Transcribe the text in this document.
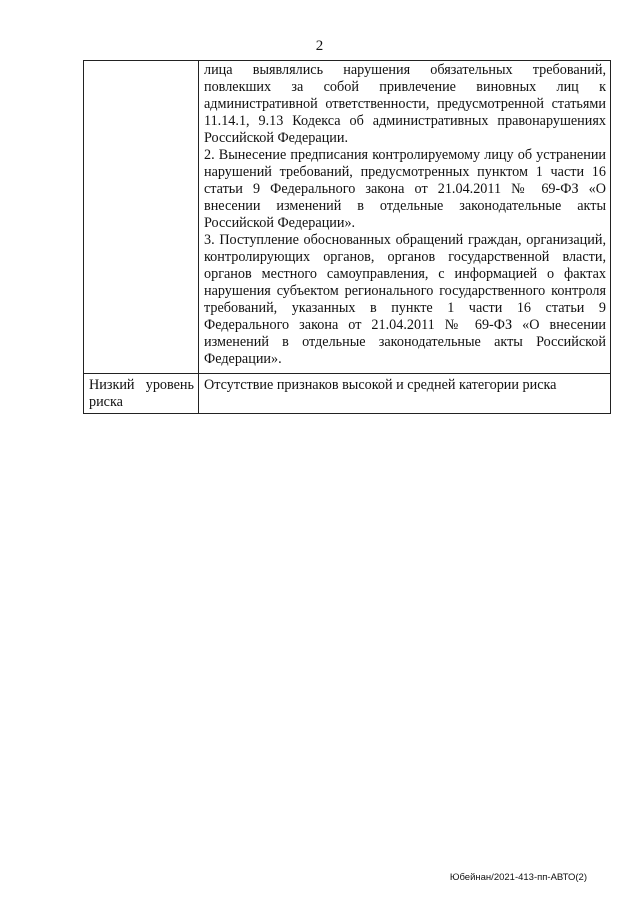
2

	лица выявлялись нарушения обязательных требований, повлекших за собой привлечение виновных лиц к административной ответственности, предусмотренной статьями 11.14.1, 9.13 Кодекса об административных правонарушениях Российской Федерации.

2. Вынесение предписания контролируемому лицу об устранении нарушений требований, предусмотренных пунктом 1 части 16 статьи 9 Федерального закона от 21.04.2011 № 69-ФЗ «О внесении изменений в отдельные законодательные акты Российской Федерации».

3. Поступление обоснованных обращений граждан, организаций, контролирующих органов, органов государственной власти, органов местного самоуправления, с информацией о фактах нарушения субъектом регионального государственного контроля требований, указанных в пункте 1 части 16 статьи 9 Федерального закона от 21.04.2011 № 69-ФЗ «О внесении изменений в отдельные законодательные акты Российской Федерации».

Низкий уровень риска	Отсутствие признаков высокой и средней категории риска

Юбейнан/2021-413-пп-АВТО(2)
